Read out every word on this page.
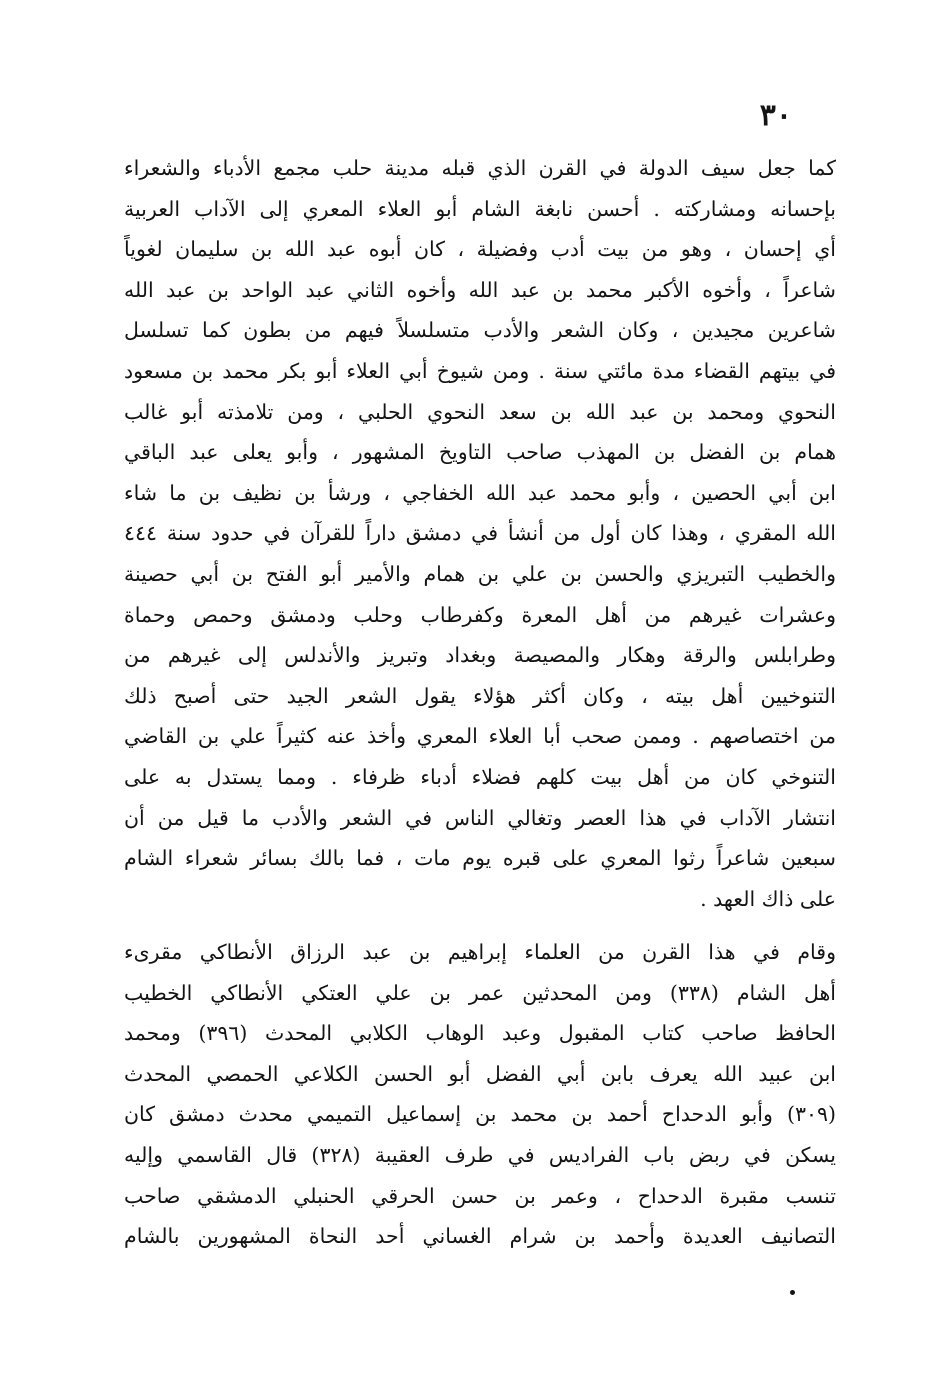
٣٠
كما جعل سيف الدولة في القرن الذي قبله مدينة حلب مجمع الأدباء والشعراء
بإحسانه ومشاركته . أحسن نابغة الشام أبو العلاء المعري إلى الآداب العربية
أي إحسان ، وهو من بيت أدب وفضيلة ، كان أبوه عبد الله بن سليمان لغوياً
شاعراً ، وأخوه الأكبر محمد بن عبد الله وأخوه الثاني عبد الواحد بن عبد الله
شاعرين مجيدين ، وكان الشعر والأدب متسلسلاً فيهم من بطون كما تسلسل
في بيتهم القضاء مدة مائتي سنة . ومن شيوخ أبي العلاء أبو بكر محمد بن مسعود
النحوي ومحمد بن عبد الله بن سعد النحوي الحلبي ، ومن تلامذته أبو غالب
همام بن الفضل بن المهذب صاحب التاويخ المشهور ، وأبو يعلى عبد الباقي
ابن أبي الحصين ، وأبو محمد عبد الله الخفاجي ، ورشأ بن نظيف بن ما شاء
الله المقري ، وهذا كان أول من أنشأ في دمشق داراً للقرآن في حدود سنة ٤٤٤
والخطيب التبريزي والحسن بن علي بن همام والأمير أبو الفتح بن أبي حصينة
وعشرات غيرهم من أهل المعرة وكفرطاب وحلب ودمشق وحمص وحماة
وطرابلس والرقة وهكار والمصيصة وبغداد وتبريز والأندلس إلى غيرهم من
التنوخيين أهل بيته ، وكان أكثر هؤلاء يقول الشعر الجيد حتى أصبح ذلك
من اختصاصهم . وممن صحب أبا العلاء المعري وأخذ عنه كثيراً علي بن القاضي
التنوخي كان من أهل بيت كلهم فضلاء أدباء ظرفاء . ومما يستدل به على
انتشار الآداب في هذا العصر وتغالي الناس في الشعر والأدب ما قيل من أن
سبعين شاعراً رثوا المعري على قبره يوم مات ، فما بالك بسائر شعراء الشام
على ذاك العهد .
وقام في هذا القرن من العلماء إبراهيم بن عبد الرزاق الأنطاكي مقرىء
أهل الشام (٣٣٨) ومن المحدثين عمر بن علي العتكي الأنطاكي الخطيب
الحافظ صاحب كتاب المقبول وعبد الوهاب الكلابي المحدث (٣٩٦) ومحمد
ابن عبيد الله يعرف بابن أبي الفضل أبو الحسن الكلاعي الحمصي المحدث
(٣٠٩) وأبو الدحداح أحمد بن محمد بن إسماعيل التميمي محدث دمشق كان
يسكن في ربض باب الفراديس في طرف العقيبة (٣٢٨) قال القاسمي وإليه
تنسب مقبرة الدحداح ، وعمر بن حسن الحرقي الحنبلي الدمشقي صاحب
التصانيف العديدة وأحمد بن شرام الغساني أحد النحاة المشهورين بالشام
